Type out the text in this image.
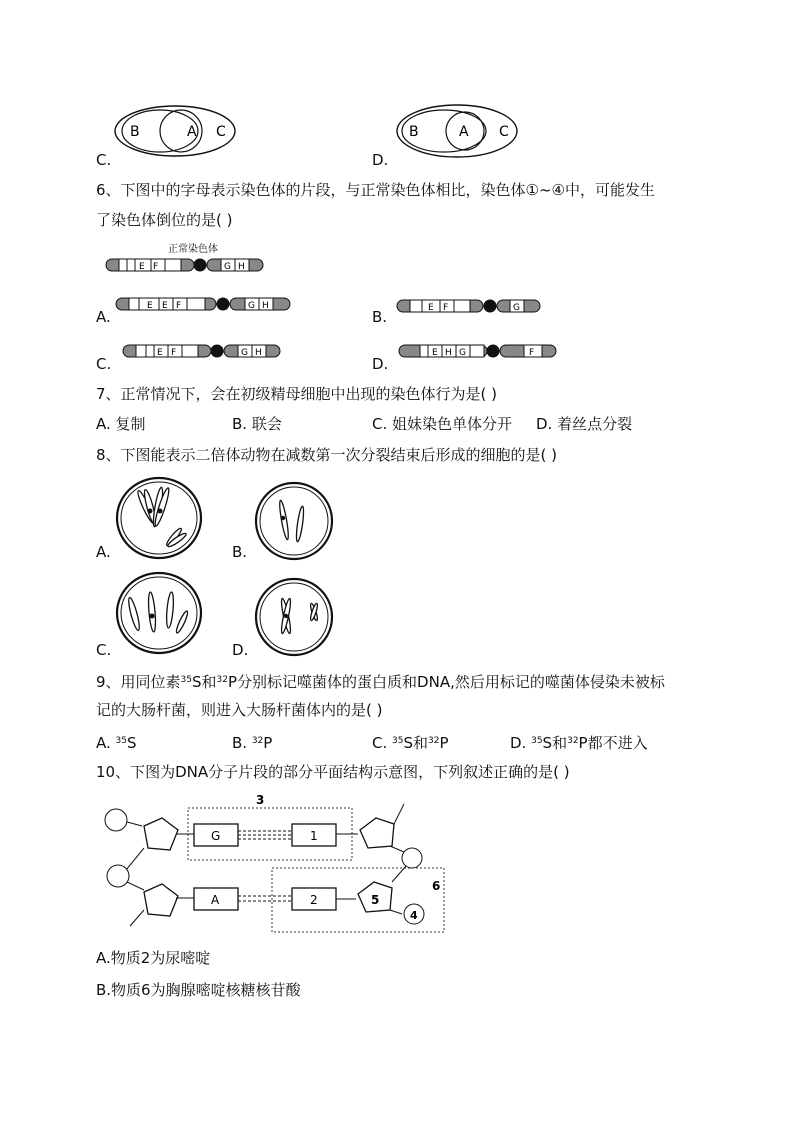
C.
B	A C
D.
B	A C
6、下图中的字母表示染色体的片段，与正常染色体相比，染色体①~④中，可能发生
了染色体倒位的是( )
正常染色体
E F	G H
A.
E E F	G H
B.	E F	G
C.
E F	G H
D.
E H G	F
7、正常情况下，会在初级精母细胞中出现的染色体行为是( )
A. 复制	B. 联会	C. 姐妹染色单体分开 D. 着丝点分裂
8、下图能表示二倍体动物在减数第一次分裂结束后形成的细胞的是( )
A.	B.
C.	D.
9、用同位素$^{35}$S和$^{32}$P分别标记噬菌体的蛋白质和DNA,然后用标记的噬菌体侵染未被标
记的大肠杆菌，则进入大肠杆菌体内的是( )
A. $^{35}$S	B. $^{32}$P	C. $^{35}$S和$^{32}$P	D. $^{35}$S和$^{32}$P都不进入
10、下图为DNA分子片段的部分平面结构示意图，下列叙述正确的是( )
3
6
G	1
A	2	5
4
A.物质2为尿嘧啶
B.物质6为胸腺嘧啶核糖核苷酸
